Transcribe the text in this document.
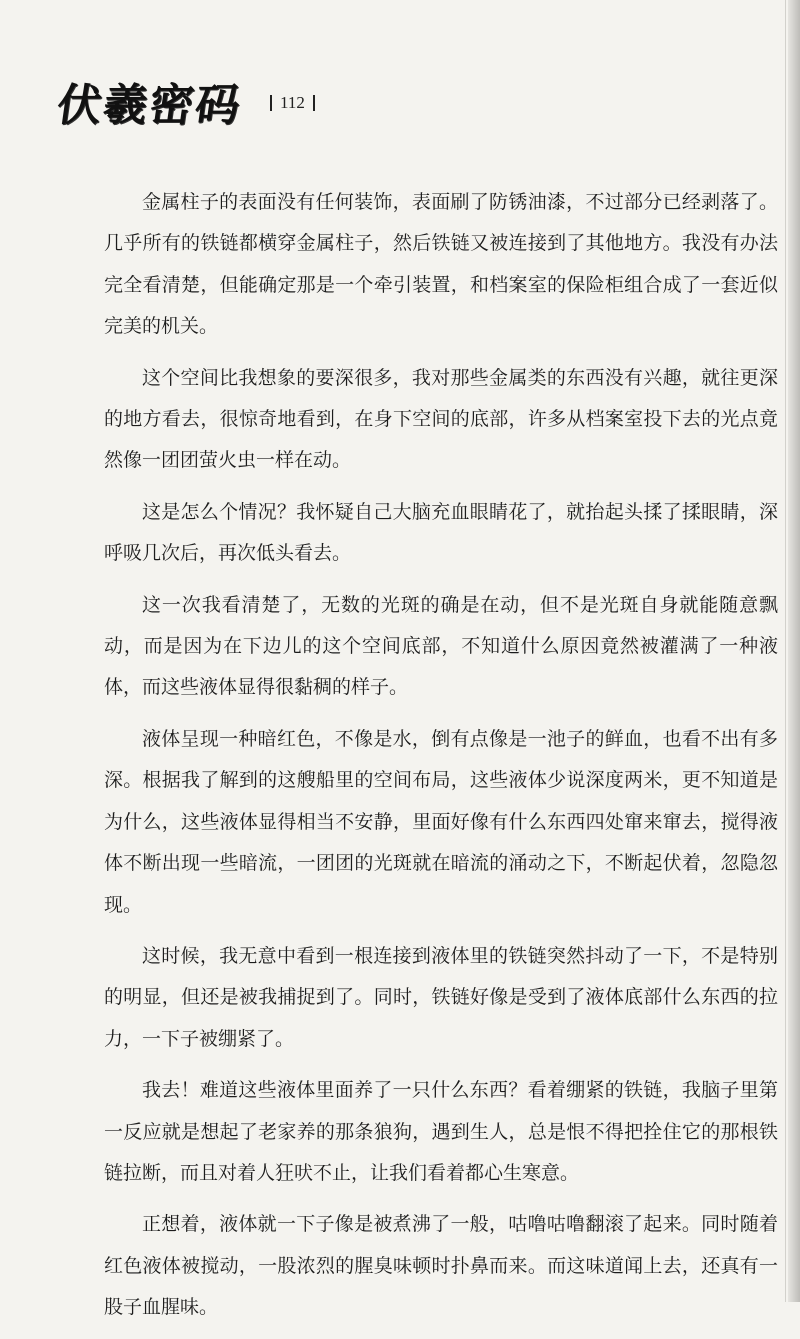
伏羲密码 112

金属柱子的表面没有任何装饰，表面刷了防锈油漆，不过部分已经剥落了。几乎所有的铁链都横穿金属柱子，然后铁链又被连接到了其他地方。我没有办法完全看清楚，但能确定那是一个牵引装置，和档案室的保险柜组合成了一套近似完美的机关。

这个空间比我想象的要深很多，我对那些金属类的东西没有兴趣，就往更深的地方看去，很惊奇地看到，在身下空间的底部，许多从档案室投下去的光点竟然像一团团萤火虫一样在动。

这是怎么个情况？我怀疑自己大脑充血眼睛花了，就抬起头揉了揉眼睛，深呼吸几次后，再次低头看去。

这一次我看清楚了，无数的光斑的确是在动，但不是光斑自身就能随意飘动，而是因为在下边儿的这个空间底部，不知道什么原因竟然被灌满了一种液体，而这些液体显得很黏稠的样子。

液体呈现一种暗红色，不像是水，倒有点像是一池子的鲜血，也看不出有多深。根据我了解到的这艘船里的空间布局，这些液体少说深度两米，更不知道是为什么，这些液体显得相当不安静，里面好像有什么东西四处窜来窜去，搅得液体不断出现一些暗流，一团团的光斑就在暗流的涌动之下，不断起伏着，忽隐忽现。

这时候，我无意中看到一根连接到液体里的铁链突然抖动了一下，不是特别的明显，但还是被我捕捉到了。同时，铁链好像是受到了液体底部什么东西的拉力，一下子被绷紧了。

我去！难道这些液体里面养了一只什么东西？看着绷紧的铁链，我脑子里第一反应就是想起了老家养的那条狼狗，遇到生人，总是恨不得把拴住它的那根铁链拉断，而且对着人狂吠不止，让我们看着都心生寒意。

正想着，液体就一下子像是被煮沸了一般，咕噜咕噜翻滚了起来。同时随着红色液体被搅动，一股浓烈的腥臭味顿时扑鼻而来。而这味道闻上去，还真有一股子血腥味。
